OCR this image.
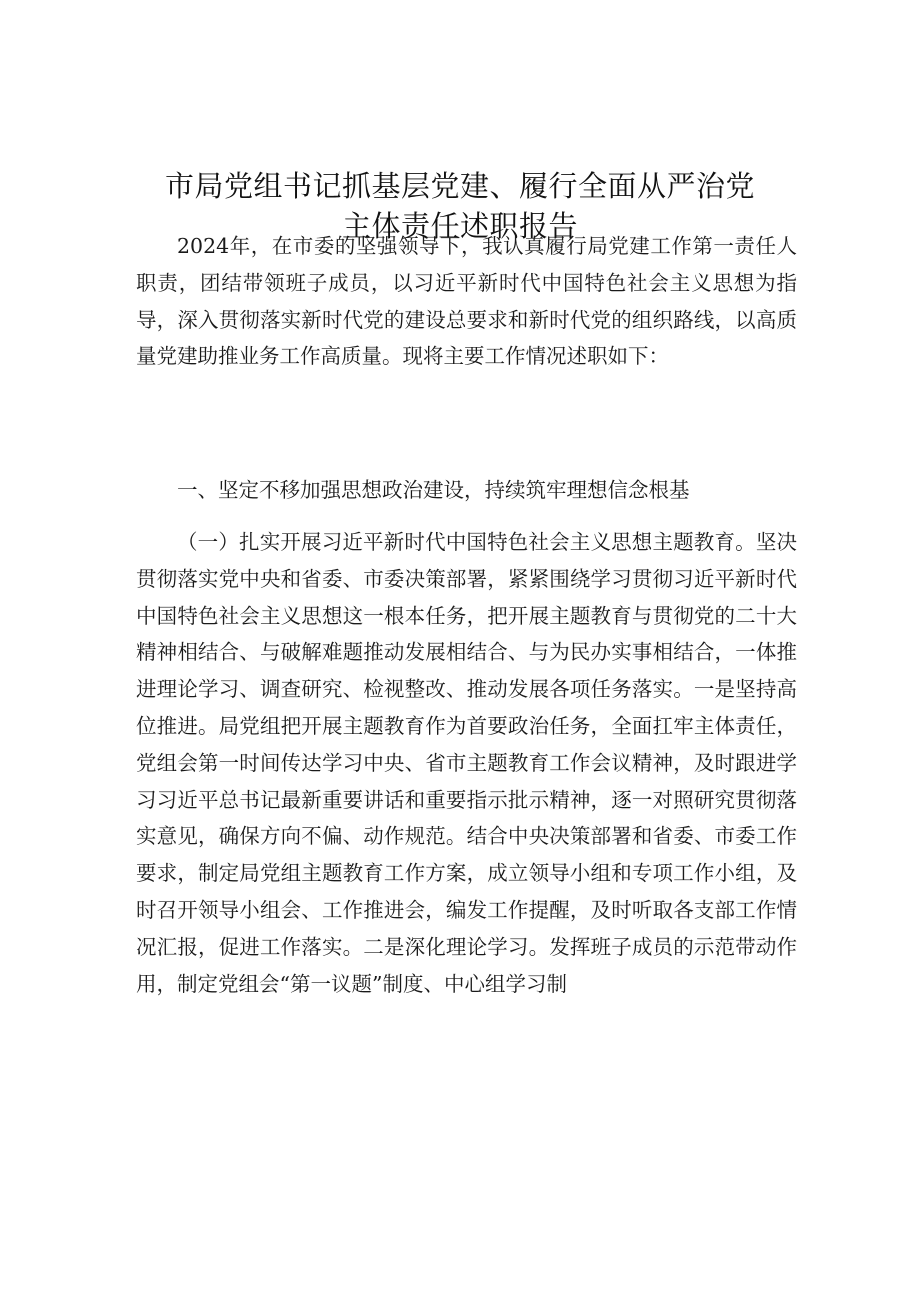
市局党组书记抓基层党建、履行全面从严治党
主体责任述职报告

2024年，在市委的坚强领导下，我认真履行局党建工作第一责任人职责，团结带领班子成员，以习近平新时代中国特色社会主义思想为指导，深入贯彻落实新时代党的建设总要求和新时代党的组织路线，以高质量党建助推业务工作高质量。现将主要工作情况述职如下：

一、坚定不移加强思想政治建设，持续筑牢理想信念根基

（一）扎实开展习近平新时代中国特色社会主义思想主题教育。坚决贯彻落实党中央和省委、市委决策部署，紧紧围绕学习贯彻习近平新时代中国特色社会主义思想这一根本任务，把开展主题教育与贯彻党的二十大精神相结合、与破解难题推动发展相结合、与为民办实事相结合，一体推进理论学习、调查研究、检视整改、推动发展各项任务落实。一是坚持高位推进。局党组把开展主题教育作为首要政治任务，全面扛牢主体责任，党组会第一时间传达学习中央、省市主题教育工作会议精神，及时跟进学习习近平总书记最新重要讲话和重要指示批示精神，逐一对照研究贯彻落实意见，确保方向不偏、动作规范。结合中央决策部署和省委、市委工作要求，制定局党组主题教育工作方案，成立领导小组和专项工作小组，及时召开领导小组会、工作推进会，编发工作提醒，及时听取各支部工作情况汇报，促进工作落实。二是深化理论学习。发挥班子成员的示范带动作用，制定党组会“第一议题”制度、中心组学习制
